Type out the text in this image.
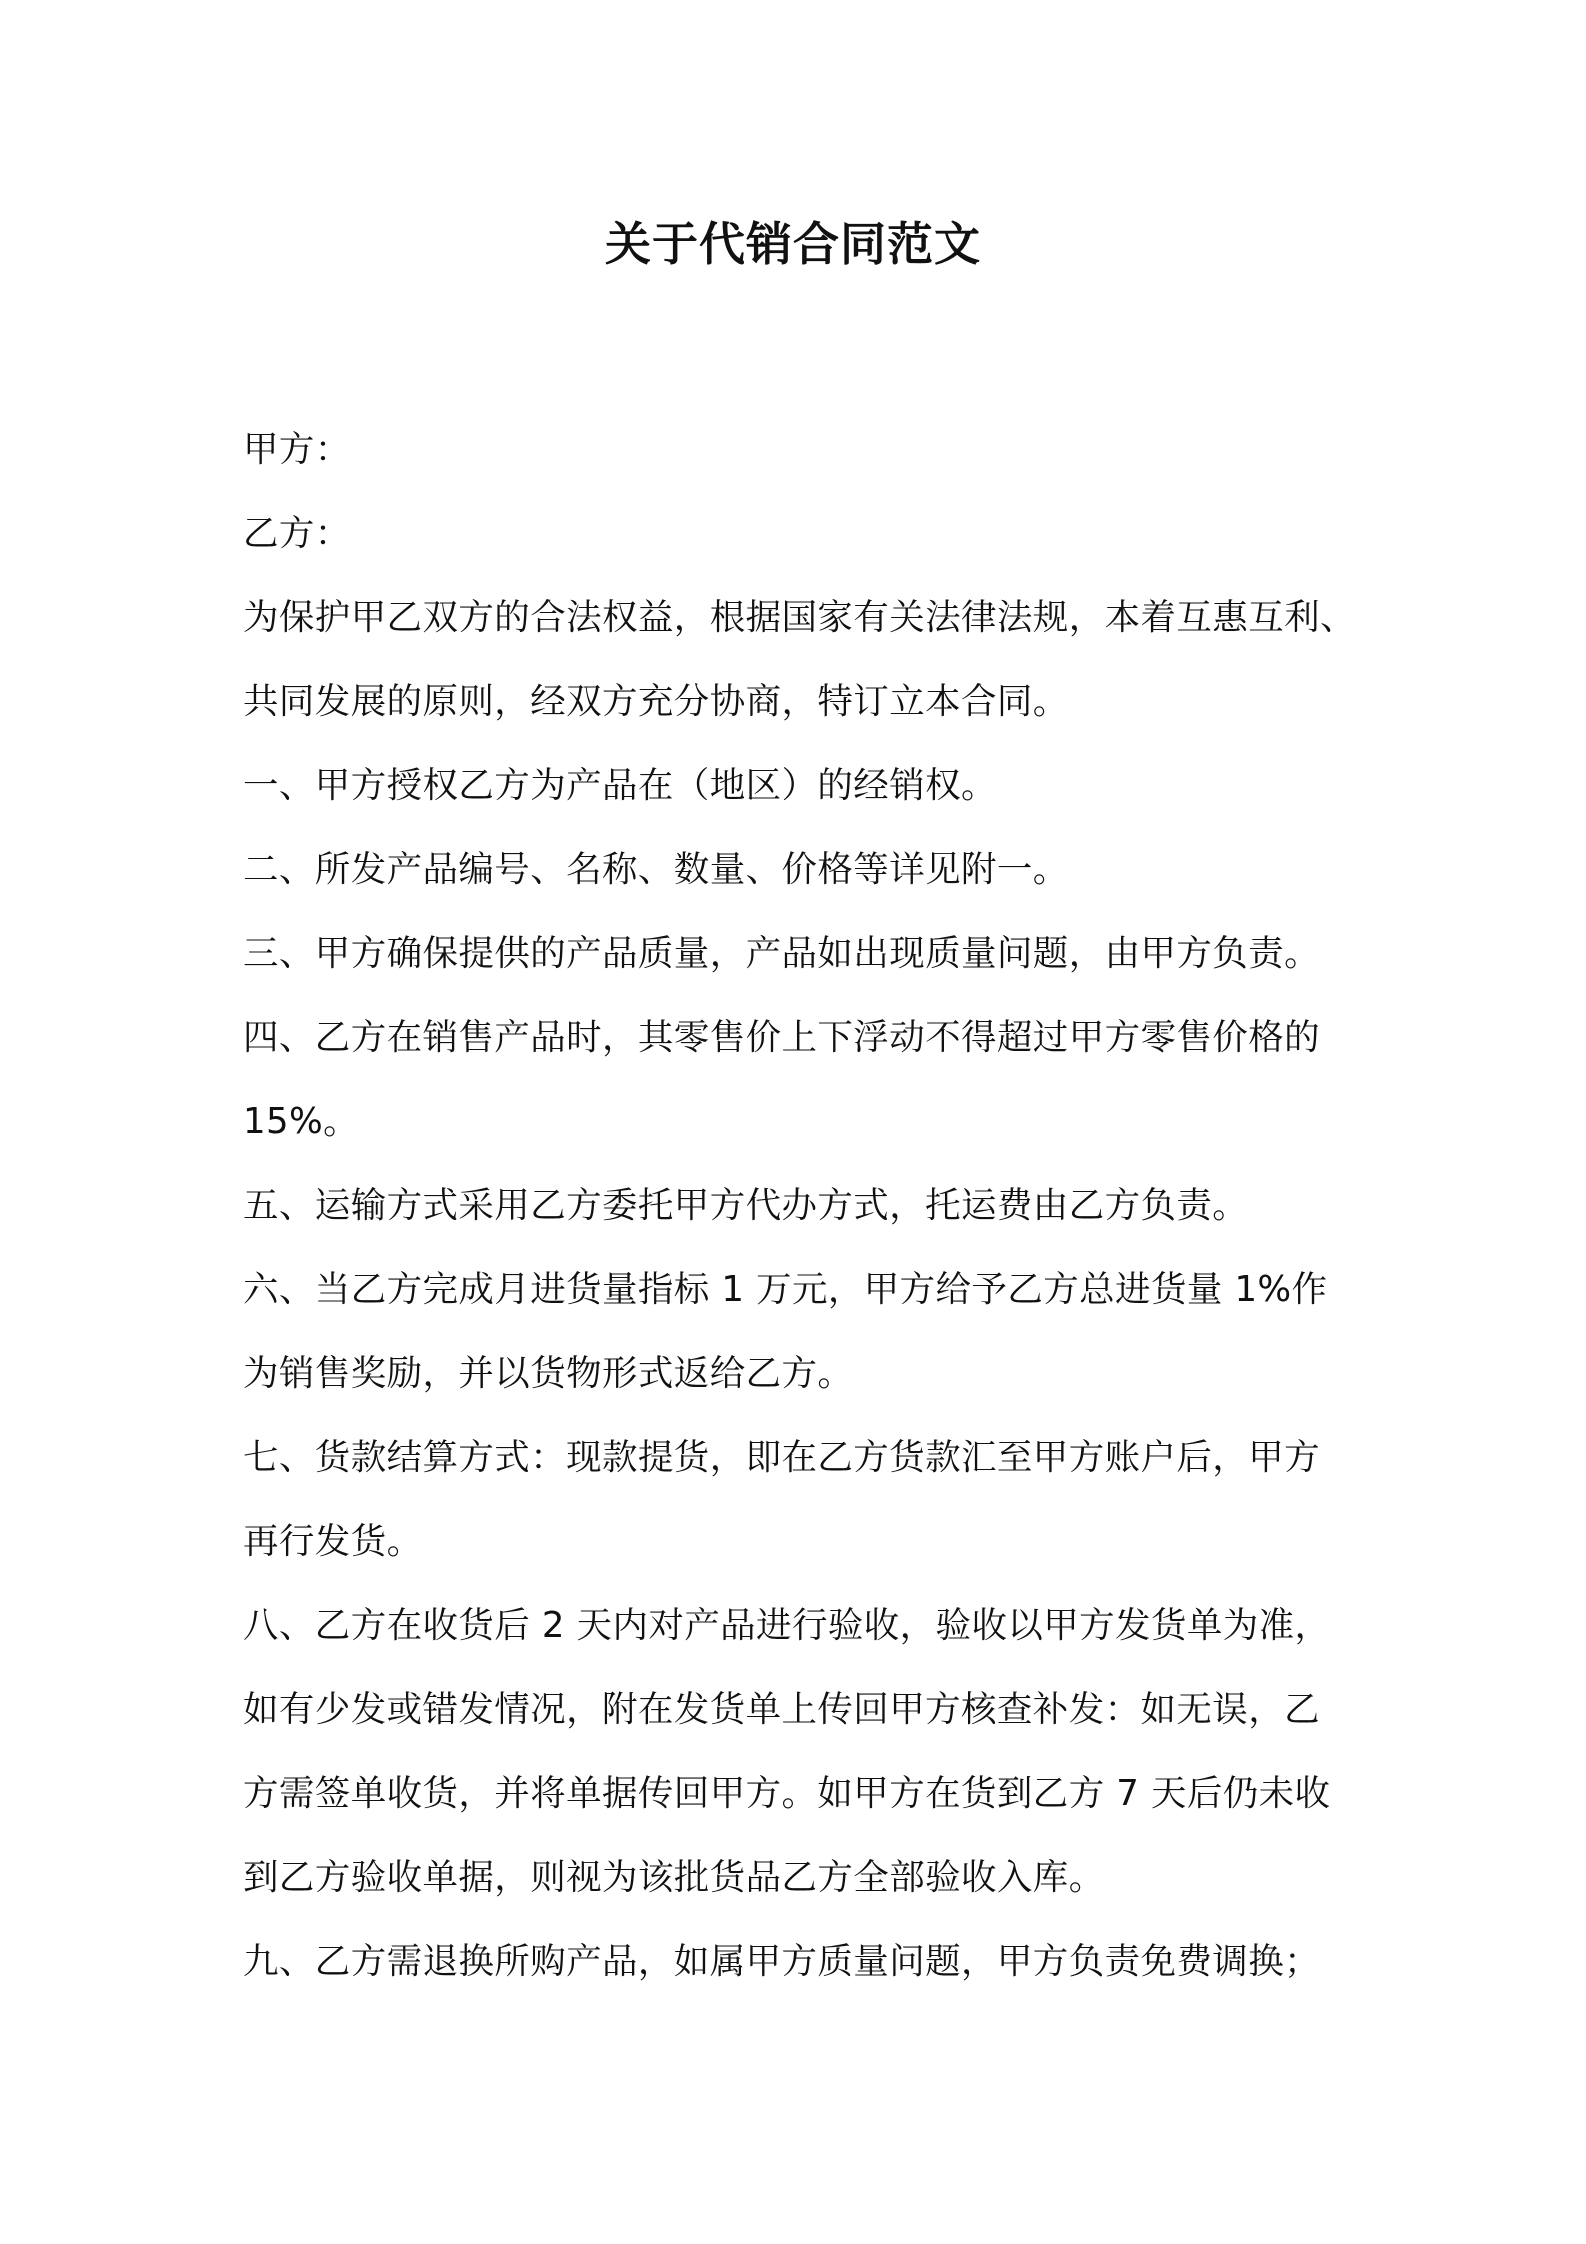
关于代销合同范文
甲方：
乙方：
为保护甲乙双方的合法权益，根据国家有关法律法规，本着互惠互利、
共同发展的原则，经双方充分协商，特订立本合同。
一、甲方授权乙方为产品在（地区）的经销权。
二、所发产品编号、名称、数量、价格等详见附一。
三、甲方确保提供的产品质量，产品如出现质量问题，由甲方负责。
四、乙方在销售产品时，其零售价上下浮动不得超过甲方零售价格的
15%。
五、运输方式采用乙方委托甲方代办方式，托运费由乙方负责。
六、当乙方完成月进货量指标 1 万元，甲方给予乙方总进货量 1%作
为销售奖励，并以货物形式返给乙方。
七、货款结算方式：现款提货，即在乙方货款汇至甲方账户后，甲方
再行发货。
八、乙方在收货后 2 天内对产品进行验收，验收以甲方发货单为准，
如有少发或错发情况，附在发货单上传回甲方核查补发：如无误，乙
方需签单收货，并将单据传回甲方。如甲方在货到乙方 7 天后仍未收
到乙方验收单据，则视为该批货品乙方全部验收入库。
九、乙方需退换所购产品，如属甲方质量问题，甲方负责免费调换；
